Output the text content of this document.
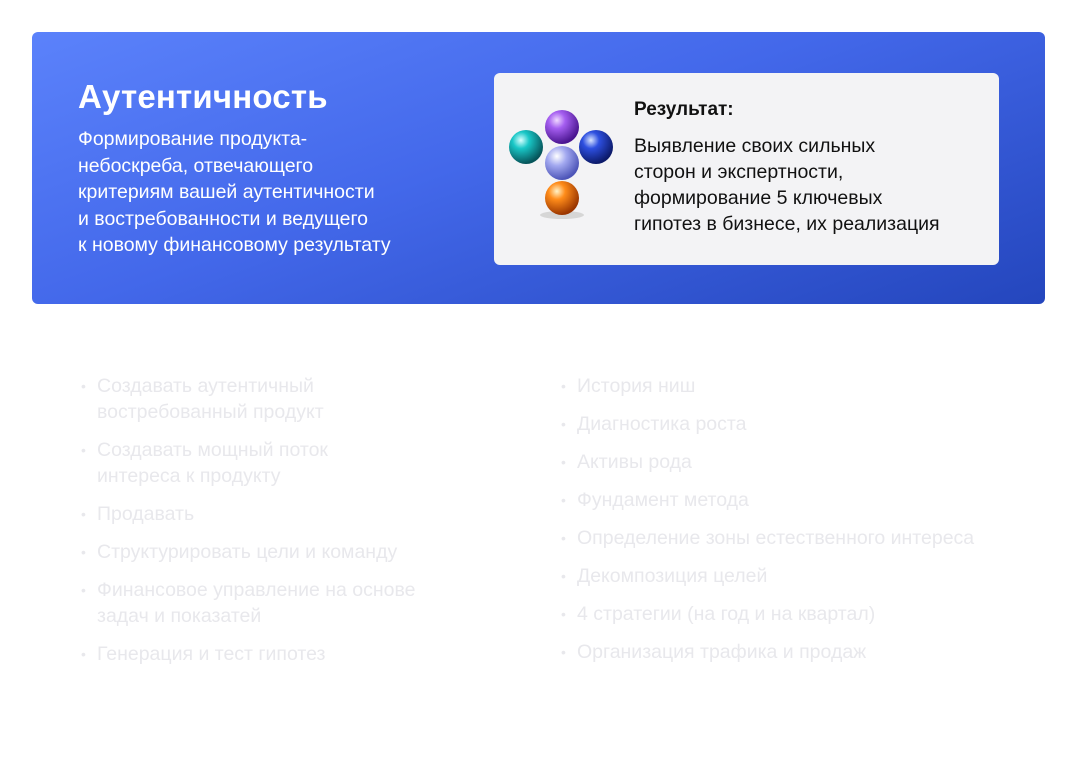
Аутентичность

Формирование продукта-
небоскреба, отвечающего
критериям вашей аутентичности
и востребованности и ведущего
к новому финансовому результату

Результат:

Выявление своих сильных
сторон и экспертности,
формирование 5 ключевых
гипотез в бизнесе, их реализация

• Создавать аутентичный
востребованный продукт
• Создавать мощный поток
интереса к продукту
• Продавать
• Структурировать цели и команду
• Финансовое управление на основе
задач и показатей
• Генерация и тест гипотез
• История ниш
• Диагностика роста
• Активы рода
• Фундамент метода
• Определение зоны естественного интереса
• Декомпозиция целей
• 4 стратегии (на год и на квартал)
• Организация трафика и продаж
